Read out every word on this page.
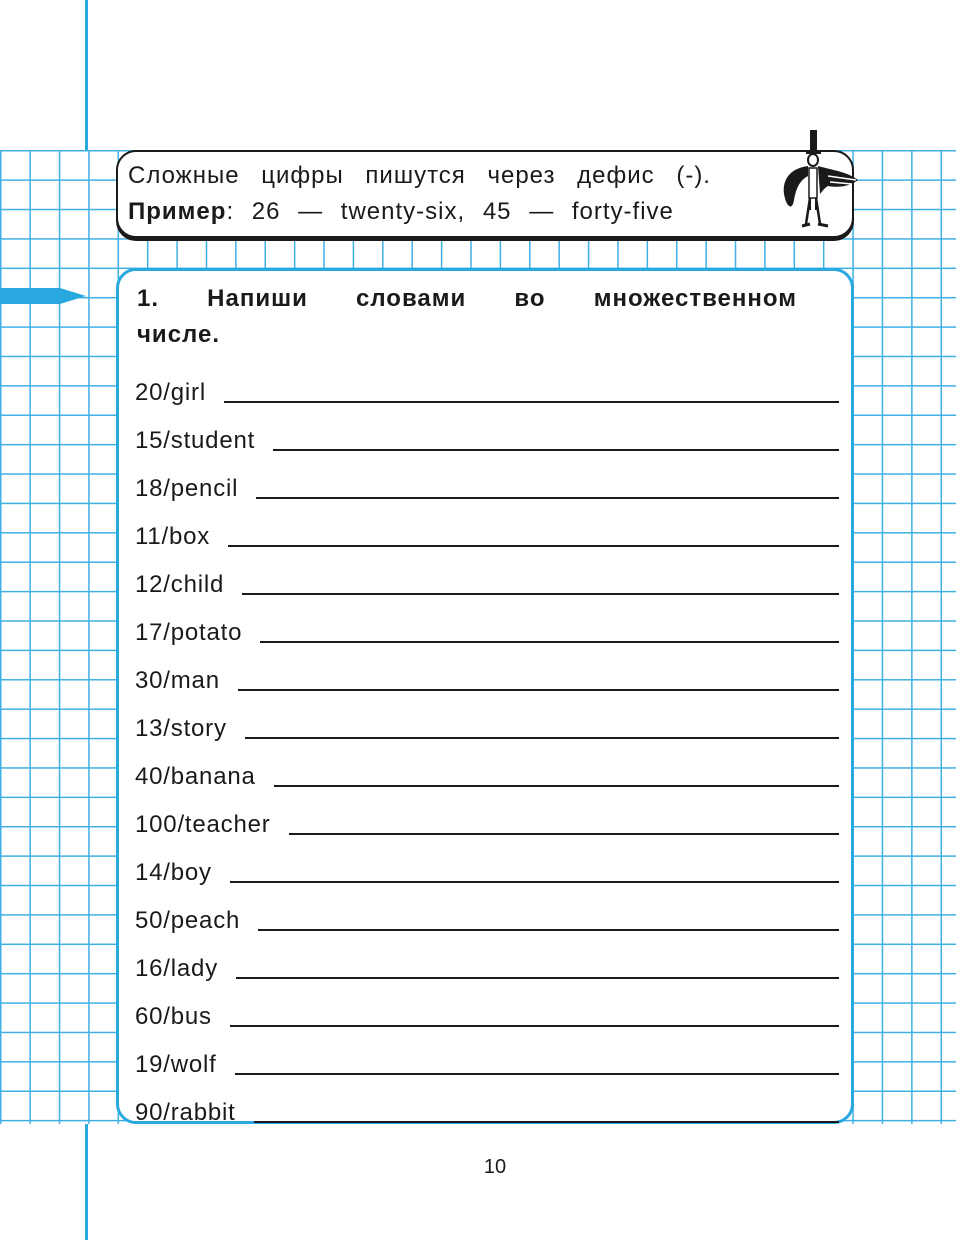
Сложные цифры пишутся через дефис (-).
Пример: 26 — twenty-six, 45 — forty-five
1. Напиши словами во множественном числе.
20/girl
15/student
18/pencil
11/box
12/child
17/potato
30/man
13/story
40/banana
100/teacher
14/boy
50/peach
16/lady
60/bus
19/wolf
90/rabbit
10
